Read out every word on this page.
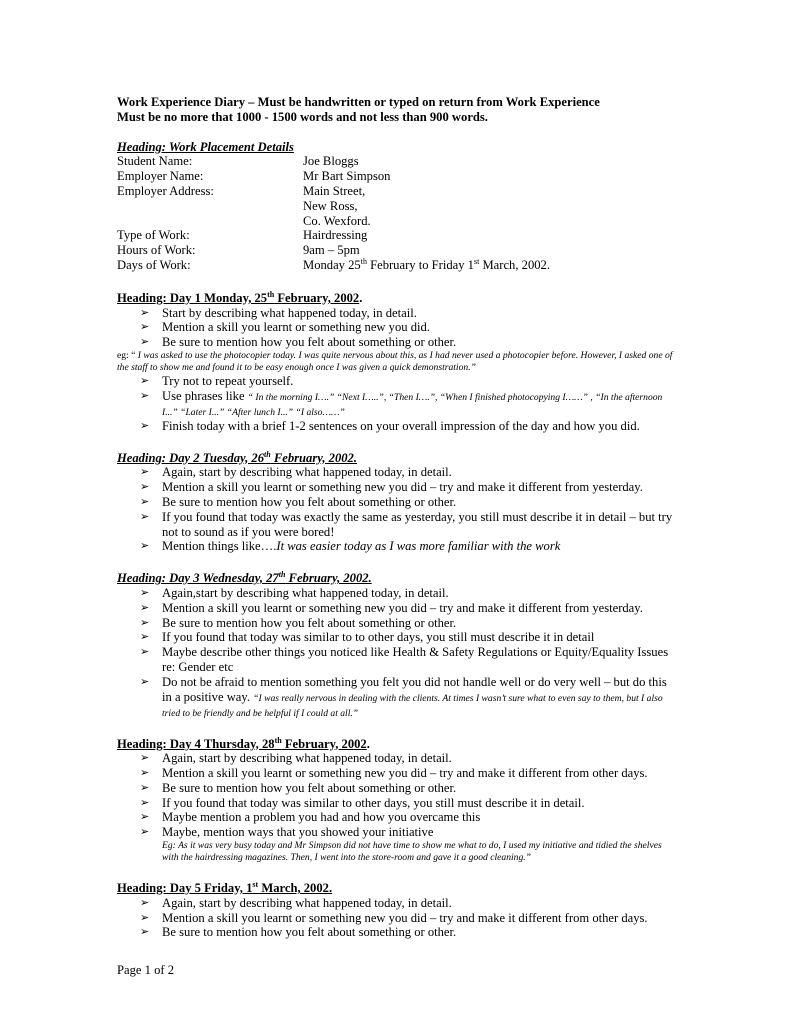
Work Experience Diary – Must be handwritten or typed on return from Work Experience
Must be no more that 1000 - 1500 words and not less than 900 words.
Heading: Work Placement Details
Student Name:	Joe Bloggs
Employer Name:	Mr Bart Simpson
Employer Address:	Main Street,
New Ross,
Co. Wexford.
Type of Work:	Hairdressing
Hours of Work:	9am – 5pm
Days of Work:	Monday 25th February to Friday 1st March, 2002.
Heading: Day 1 Monday, 25th February, 2002.
➢ Start by describing what happened today, in detail.
➢ Mention a skill you learnt or something new you did.
➢ Be sure to mention how you felt about something or other.
eg: “ I was asked to use the photocopier today. I was quite nervous about this, as I had never used a photocopier before. However, I asked one of the staff to show me and found it to be easy enough once I was given a quick demonstration.”
➢ Try not to repeat yourself.
➢ Use phrases like “ In the morning I….” “Next I…..”, “Then I….”, “When I finished photocopying I……” , “In the afternoon I...” “Later I...” “After lunch I...” “I also……”
➢ Finish today with a brief 1-2 sentences on your overall impression of the day and how you did.
Heading: Day 2 Tuesday, 26th February, 2002.
➢ Again, start by describing what happened today, in detail.
➢ Mention a skill you learnt or something new you did – try and make it different from yesterday.
➢ Be sure to mention how you felt about something or other.
➢ If you found that today was exactly the same as yesterday, you still must describe it in detail – but try not to sound as if you were bored!
➢ Mention things like….It was easier today as I was more familiar with the work
Heading: Day 3 Wednesday, 27th February, 2002.
➢ Again,start by describing what happened today, in detail.
➢ Mention a skill you learnt or something new you did – try and make it different from yesterday.
➢ Be sure to mention how you felt about something or other.
➢ If you found that today was similar to to other days, you still must describe it in detail
➢ Maybe describe other things you noticed like Health & Safety Regulations or Equity/Equality Issues re: Gender etc
➢ Do not be afraid to mention something you felt you did not handle well or do very well – but do this in a positive way. “I was really nervous in dealing with the clients. At times I wasn’t sure what to even say to them, but I also tried to be friendly and be helpful if I could at all.”
Heading: Day 4 Thursday, 28th February, 2002.
➢ Again, start by describing what happened today, in detail.
➢ Mention a skill you learnt or something new you did – try and make it different from other days.
➢ Be sure to mention how you felt about something or other.
➢ If you found that today was similar to other days, you still must describe it in detail.
➢ Maybe mention a problem you had and how you overcame this
➢ Maybe, mention ways that you showed your initiative
Eg: As it was very busy today and Mr Simpson did not have time to show me what to do, I used my initiative and tidied the shelves with the hairdressing magazines. Then, I went into the store-room and gave it a good cleaning.”
Heading: Day 5 Friday, 1st March, 2002.
➢ Again, start by describing what happened today, in detail.
➢ Mention a skill you learnt or something new you did – try and make it different from other days.
➢ Be sure to mention how you felt about something or other.
Page 1 of 2
